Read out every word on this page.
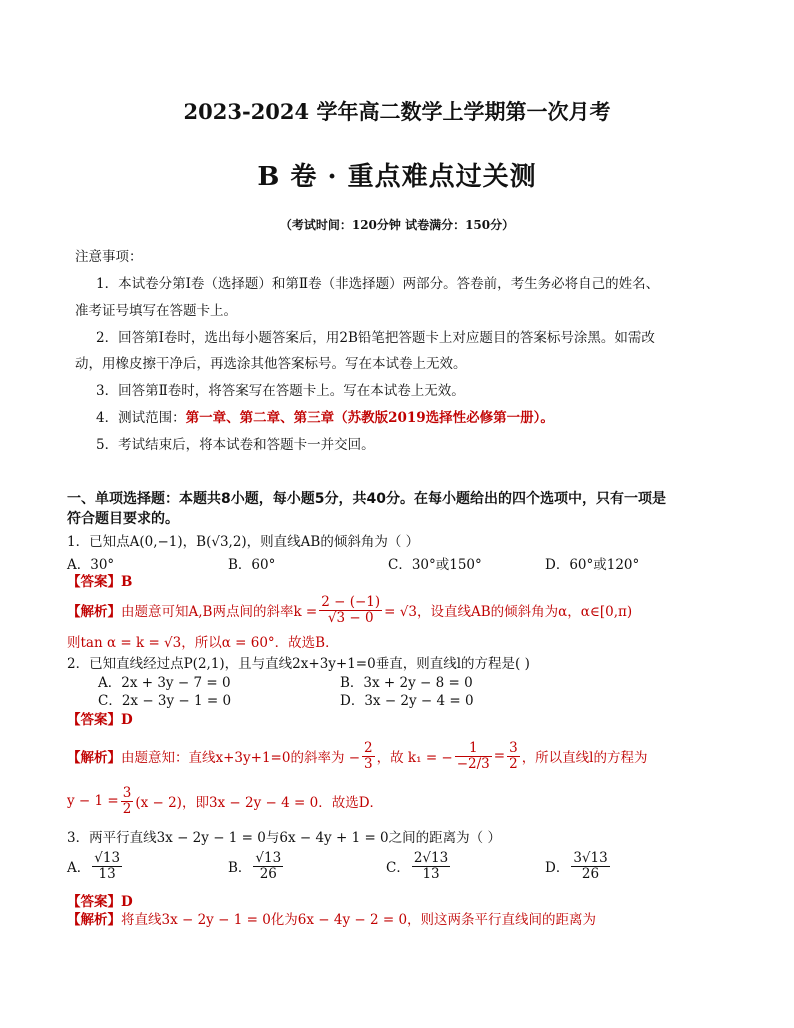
2023-2024 学年高二数学上学期第一次月考
B 卷 · 重点难点过关测
（考试时间：120分钟 试卷满分：150分）
注意事项：
1．本试卷分第Ⅰ卷（选择题）和第Ⅱ卷（非选择题）两部分。答卷前，考生务必将自己的姓名、
准考证号填写在答题卡上。
2．回答第Ⅰ卷时，选出每小题答案后，用2B铅笔把答题卡上对应题目的答案标号涂黑。如需改
动，用橡皮擦干净后，再选涂其他答案标号。写在本试卷上无效。
3．回答第Ⅱ卷时，将答案写在答题卡上。写在本试卷上无效。
4．测试范围：第一章、第二章、第三章（苏教版2019选择性必修第一册）。
5．考试结束后，将本试卷和答题卡一并交回。
一、单项选择题：本题共8小题，每小题5分，共40分。在每小题给出的四个选项中，只有一项是
符合题目要求的。
1．已知点A(0,−1)，B(√3,2)，则直线AB的倾斜角为（ ）
A．30°	B．60°	C．30°或150°	D．60°或120°
【答案】B
【解析】 由题意可知A,B两点间的斜率$k = \frac{2 - (-1)}{√3 - 0} = √3$，设直线AB的倾斜角为α，α∈[0,π)
则tan α = k = √3，所以α = 60°．故选B．
2．已知直线经过点P(2,1)，且与直线2x+3y+1=0垂直，则直线l的方程是( )
A．2x + 3y − 7 = 0	B．3x + 2y − 8 = 0
C．2x − 3y − 1 = 0	D．3x − 2y − 4 = 0
【答案】D
【解析】 由题意知：直线x+3y+1=0的斜率为 − $\frac{2}{3}$ ，故 k₁ = − $\frac{1}{-2/3} = \frac{3}{2}$ ，所以直线l的方程为
$y - 1 = \frac{3}{2} (x - 2)$，即3x − 2y − 4 = 0．故选D．
3．两平行直线3x − 2y − 1 = 0与6x − 4y + 1 = 0之间的距离为（ ）
A． $\frac{√13}{13}$	B． $\frac{√13}{26}$	C． $\frac{2√13}{13}$	D． $\frac{3√13}{26}$
【答案】D
【解析】将直线3x − 2y − 1 = 0化为6x − 4y − 2 = 0，则这两条平行直线间的距离为
